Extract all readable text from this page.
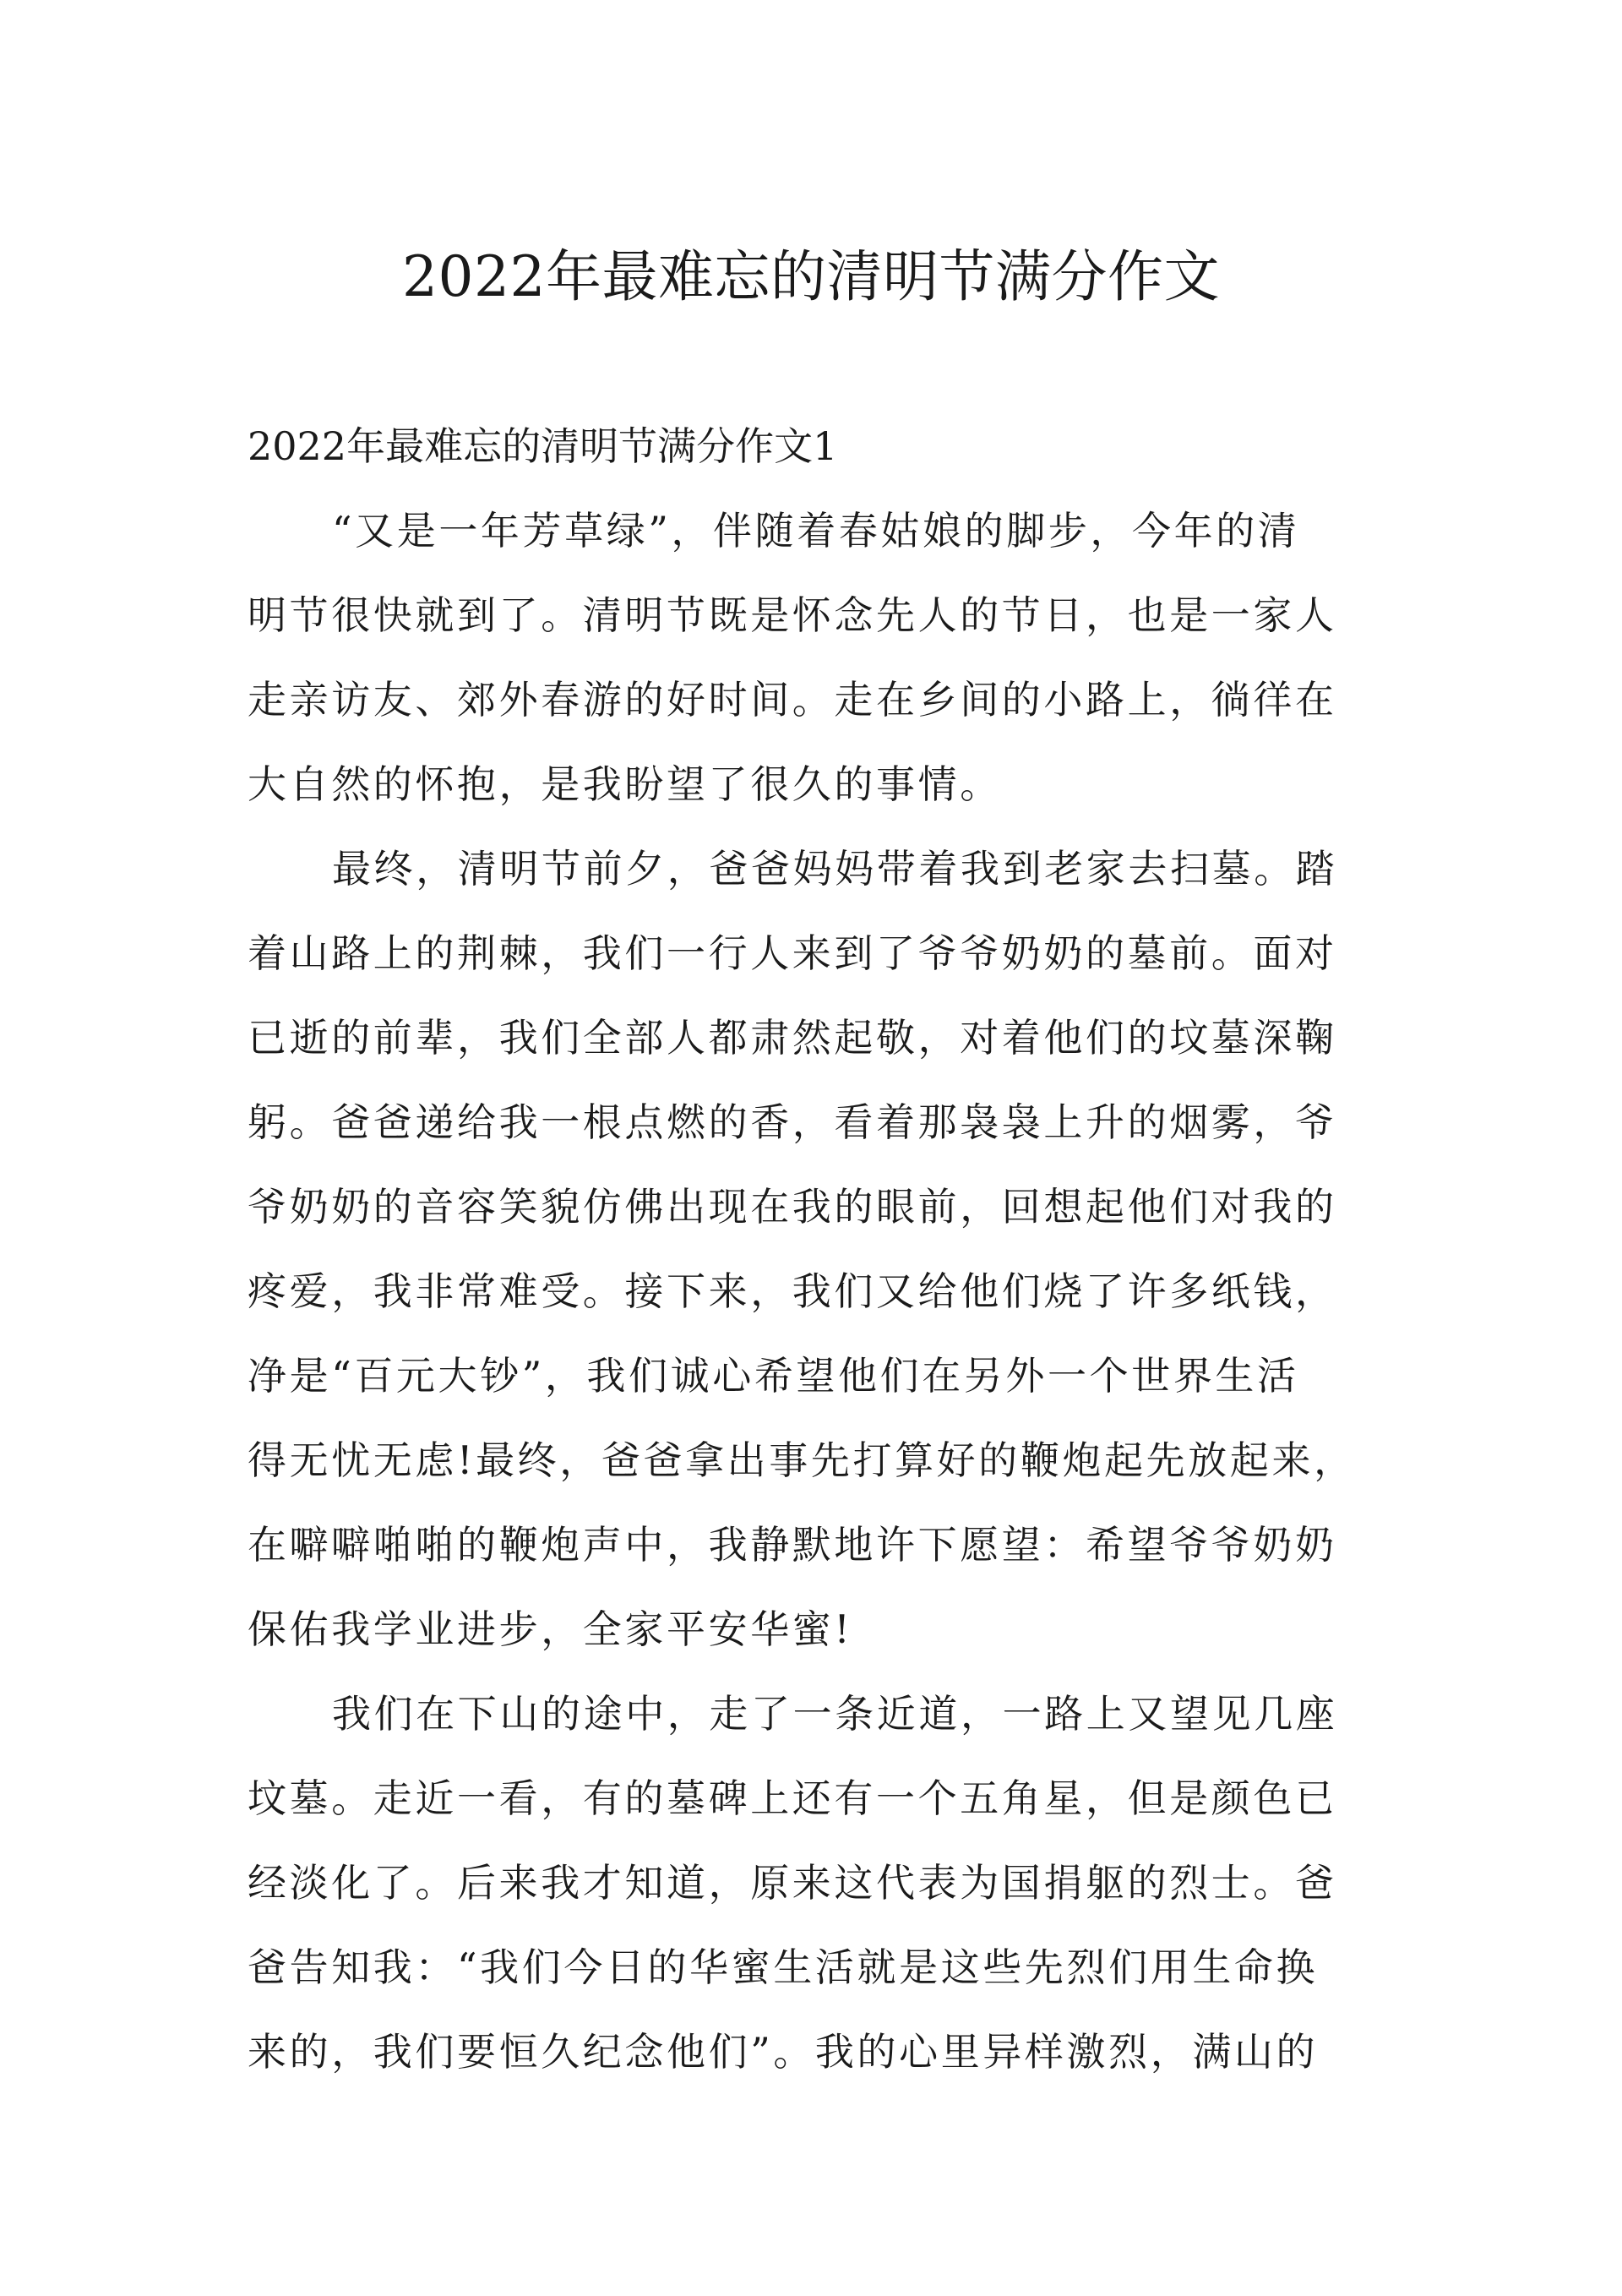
2022年最难忘的清明节满分作文
2022年最难忘的清明节满分作文1
“又是一年芳草绿”，伴随着春姑娘的脚步，今年的清
明节很快就到了。清明节既是怀念先人的节日，也是一家人
走亲访友、郊外春游的好时间。走在乡间的小路上，徜徉在
大自然的怀抱，是我盼望了很久的事情。
最终，清明节前夕，爸爸妈妈带着我到老家去扫墓。踏
着山路上的荆棘，我们一行人来到了爷爷奶奶的墓前。面对
已逝的前辈，我们全部人都肃然起敬，对着他们的坟墓深鞠
躬。爸爸递给我一根点燃的香，看着那袅袅上升的烟雾，爷
爷奶奶的音容笑貌仿佛出现在我的眼前，回想起他们对我的
疼爱，我非常难受。接下来，我们又给他们烧了许多纸钱，
净是“百元大钞”，我们诚心希望他们在另外一个世界生活
得无忧无虑!最终，爸爸拿出事先打算好的鞭炮起先放起来，
在噼噼啪啪的鞭炮声中，我静默地许下愿望：希望爷爷奶奶
保佑我学业进步，全家平安华蜜!
我们在下山的途中，走了一条近道，一路上又望见几座
坟墓。走近一看，有的墓碑上还有一个五角星，但是颜色已
经淡化了。后来我才知道，原来这代表为国捐躯的烈士。爸
爸告知我：“我们今日的华蜜生活就是这些先烈们用生命换
来的，我们要恒久纪念他们”。我的心里异样激烈，满山的
